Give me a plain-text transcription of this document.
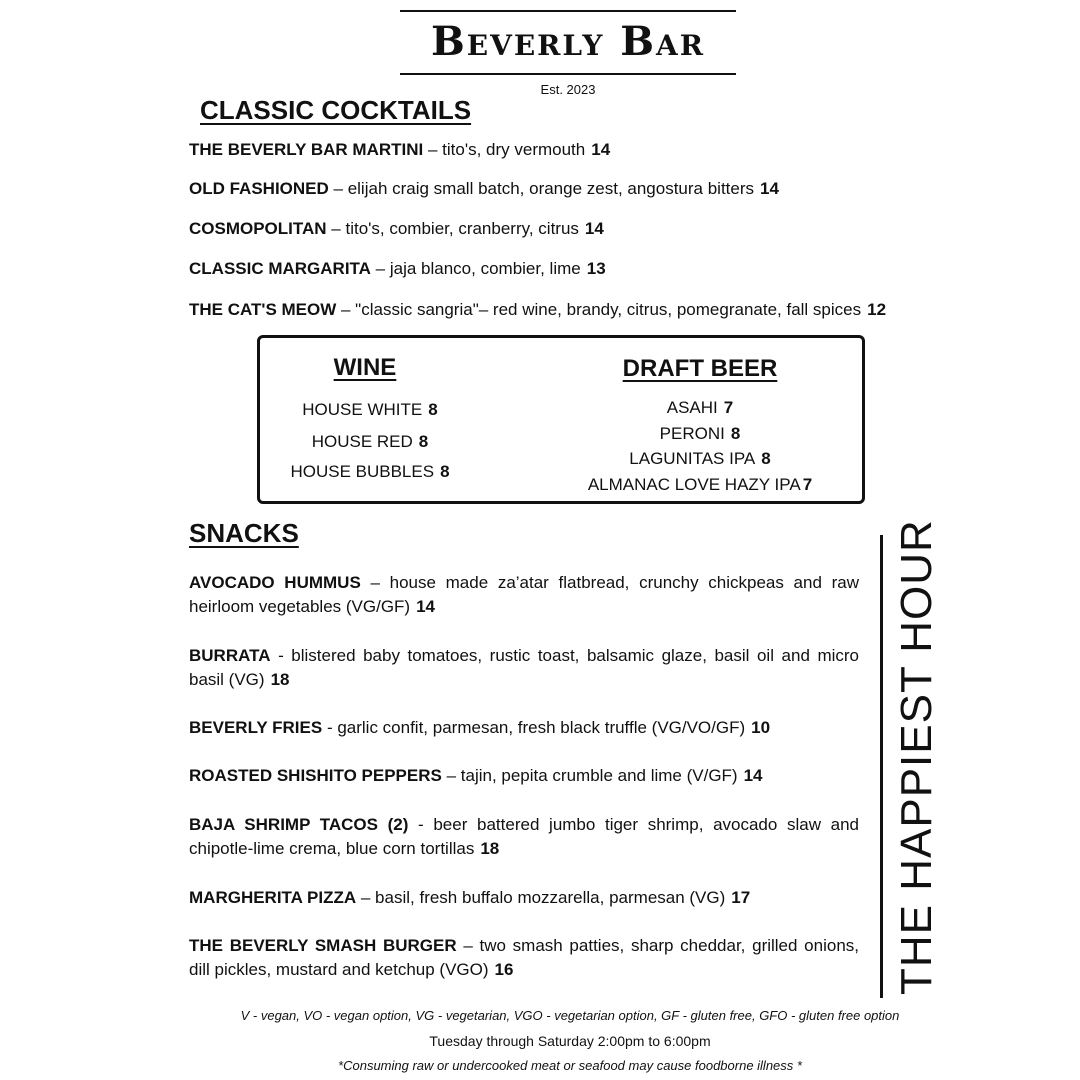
Beverly Bar
Est. 2023
CLASSIC COCKTAILS
THE BEVERLY BAR MARTINI – tito's, dry vermouth 14
OLD FASHIONED – elijah craig small batch, orange zest, angostura bitters 14
COSMOPOLITAN – tito's, combier, cranberry, citrus 14
CLASSIC MARGARITA – jaja blanco, combier, lime 13
THE CAT'S MEOW – "classic sangria"– red wine, brandy, citrus, pomegranate, fall spices 12
WINE
HOUSE WHITE 8
HOUSE RED 8
HOUSE BUBBLES 8
DRAFT BEER
ASAHI 7
PERONI 8
LAGUNITAS IPA 8
ALMANAC LOVE HAZY IPA 7
SNACKS
AVOCADO HUMMUS – house made za’atar flatbread, crunchy chickpeas and raw heirloom vegetables (VG/GF) 14
BURRATA - blistered baby tomatoes, rustic toast, balsamic glaze, basil oil and micro basil (VG) 18
BEVERLY FRIES - garlic confit, parmesan, fresh black truffle (VG/VO/GF) 10
ROASTED SHISHITO PEPPERS – tajin, pepita crumble and lime (V/GF) 14
BAJA SHRIMP TACOS (2) - beer battered jumbo tiger shrimp, avocado slaw and chipotle-lime crema, blue corn tortillas 18
MARGHERITA PIZZA – basil, fresh buffalo mozzarella, parmesan (VG) 17
THE BEVERLY SMASH BURGER – two smash patties, sharp cheddar, grilled onions, dill pickles, mustard and ketchup (VGO) 16	THE HAPPIEST HOUR
V - vegan, VO - vegan option, VG - vegetarian, VGO - vegetarian option, GF - gluten free, GFO - gluten free option
Tuesday through Saturday 2:00pm to 6:00pm
*Consuming raw or undercooked meat or seafood may cause foodborne illness *
